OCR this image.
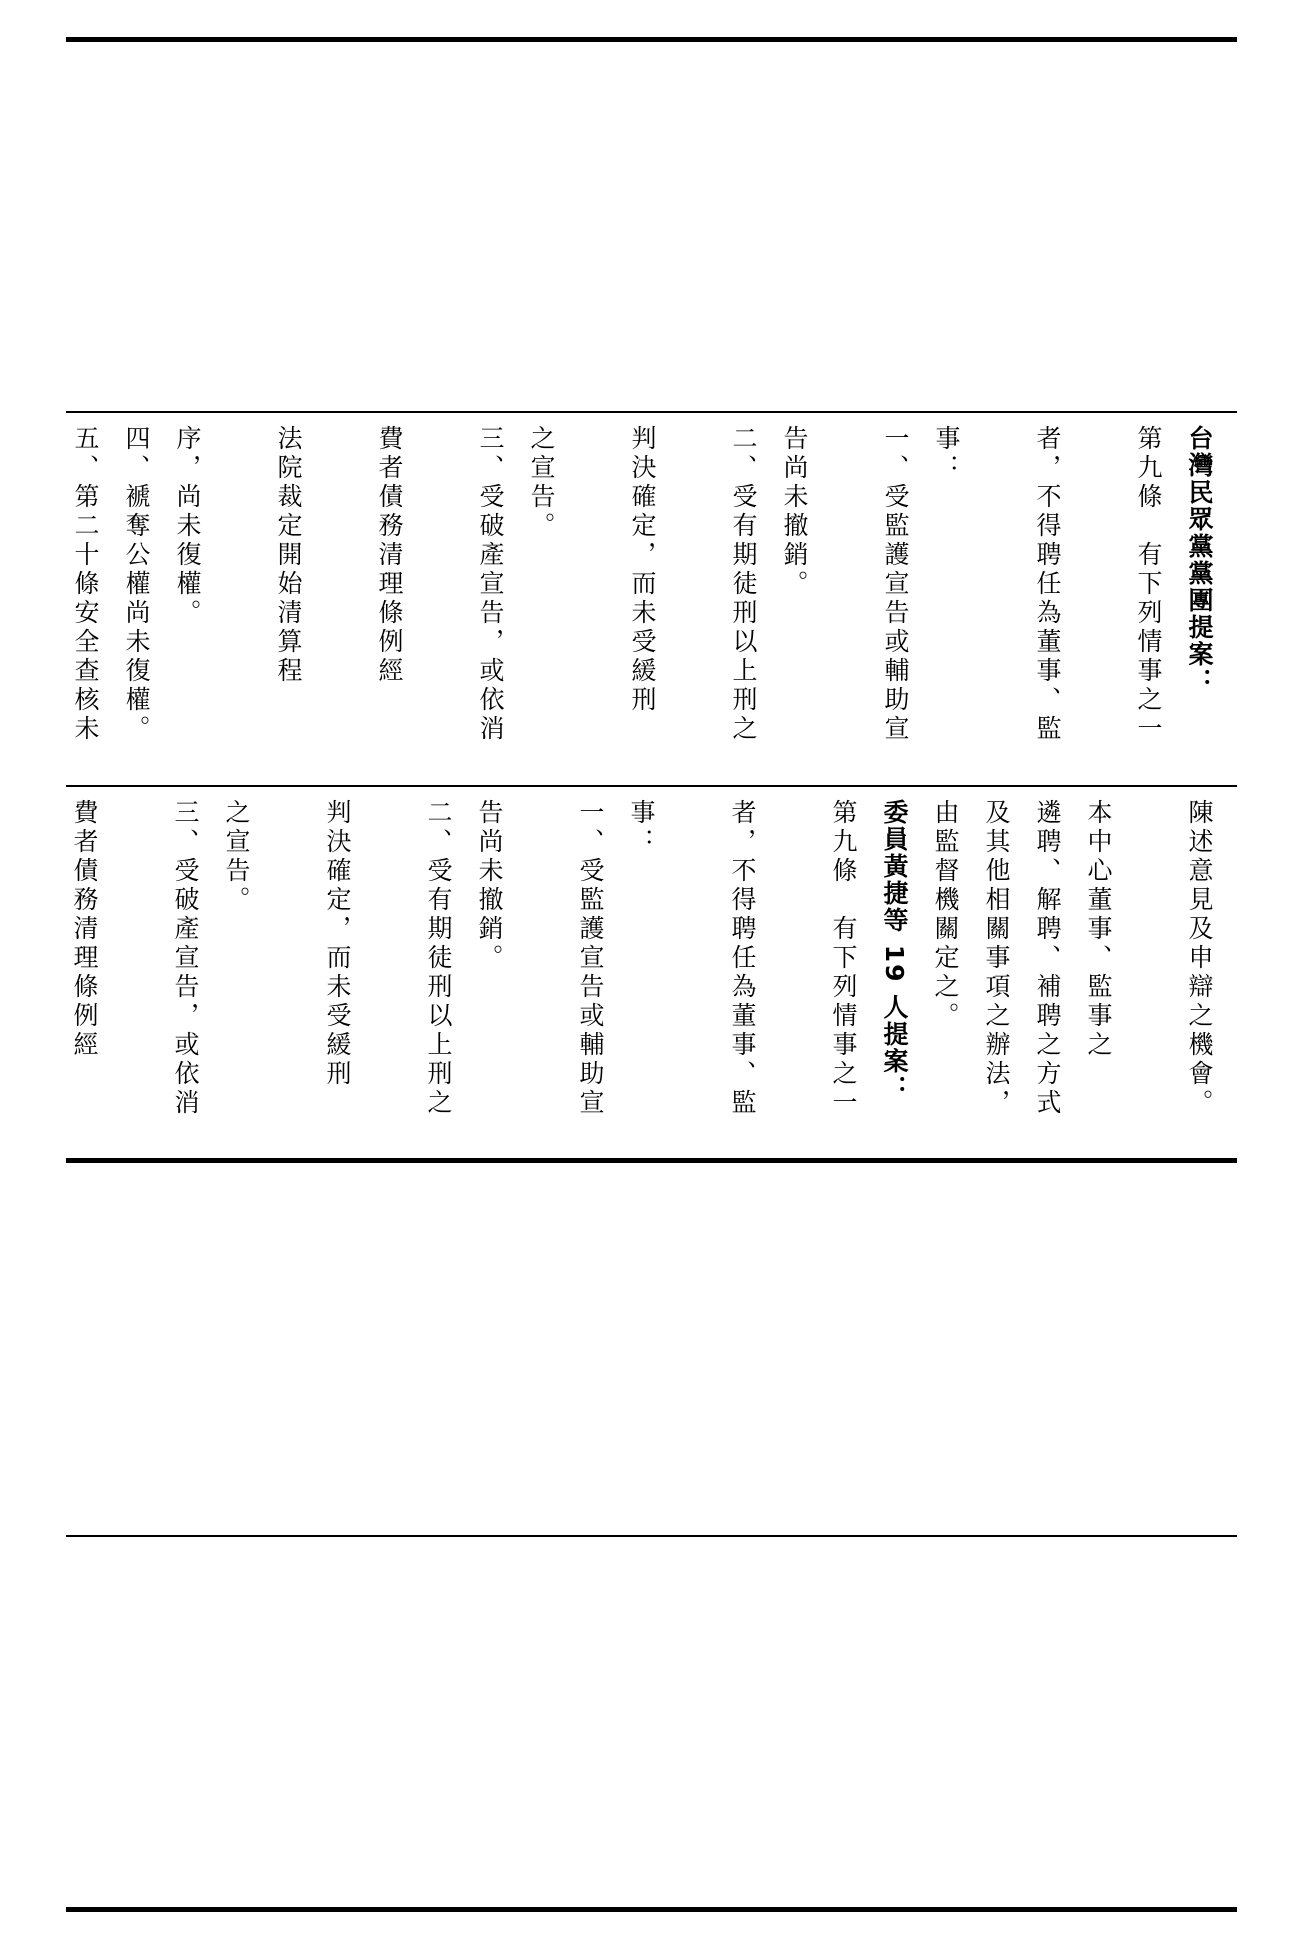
台灣民眾黨黨團提案：
第九條　有下列情事之一
者，不得聘任為董事、監
事：
一、受監護宣告或輔助宣
告尚未撤銷。
二、受有期徒刑以上刑之
判決確定，而未受緩刑
之宣告。
三、受破產宣告，或依消
費者債務清理條例經
法院裁定開始清算程
序，尚未復權。
四、褫奪公權尚未復權。
五、第二十條安全查核未
陳述意見及申辯之機會。
本中心董事、監事之
遴聘、解聘、補聘之方式
及其他相關事項之辦法，
由監督機關定之。
委員黃捷等 19 人提案：
第九條　有下列情事之一
者，不得聘任為董事、監
事：
一、受監護宣告或輔助宣
告尚未撤銷。
二、受有期徒刑以上刑之
判決確定，而未受緩刑
之宣告。
三、受破產宣告，或依消
費者債務清理條例經
